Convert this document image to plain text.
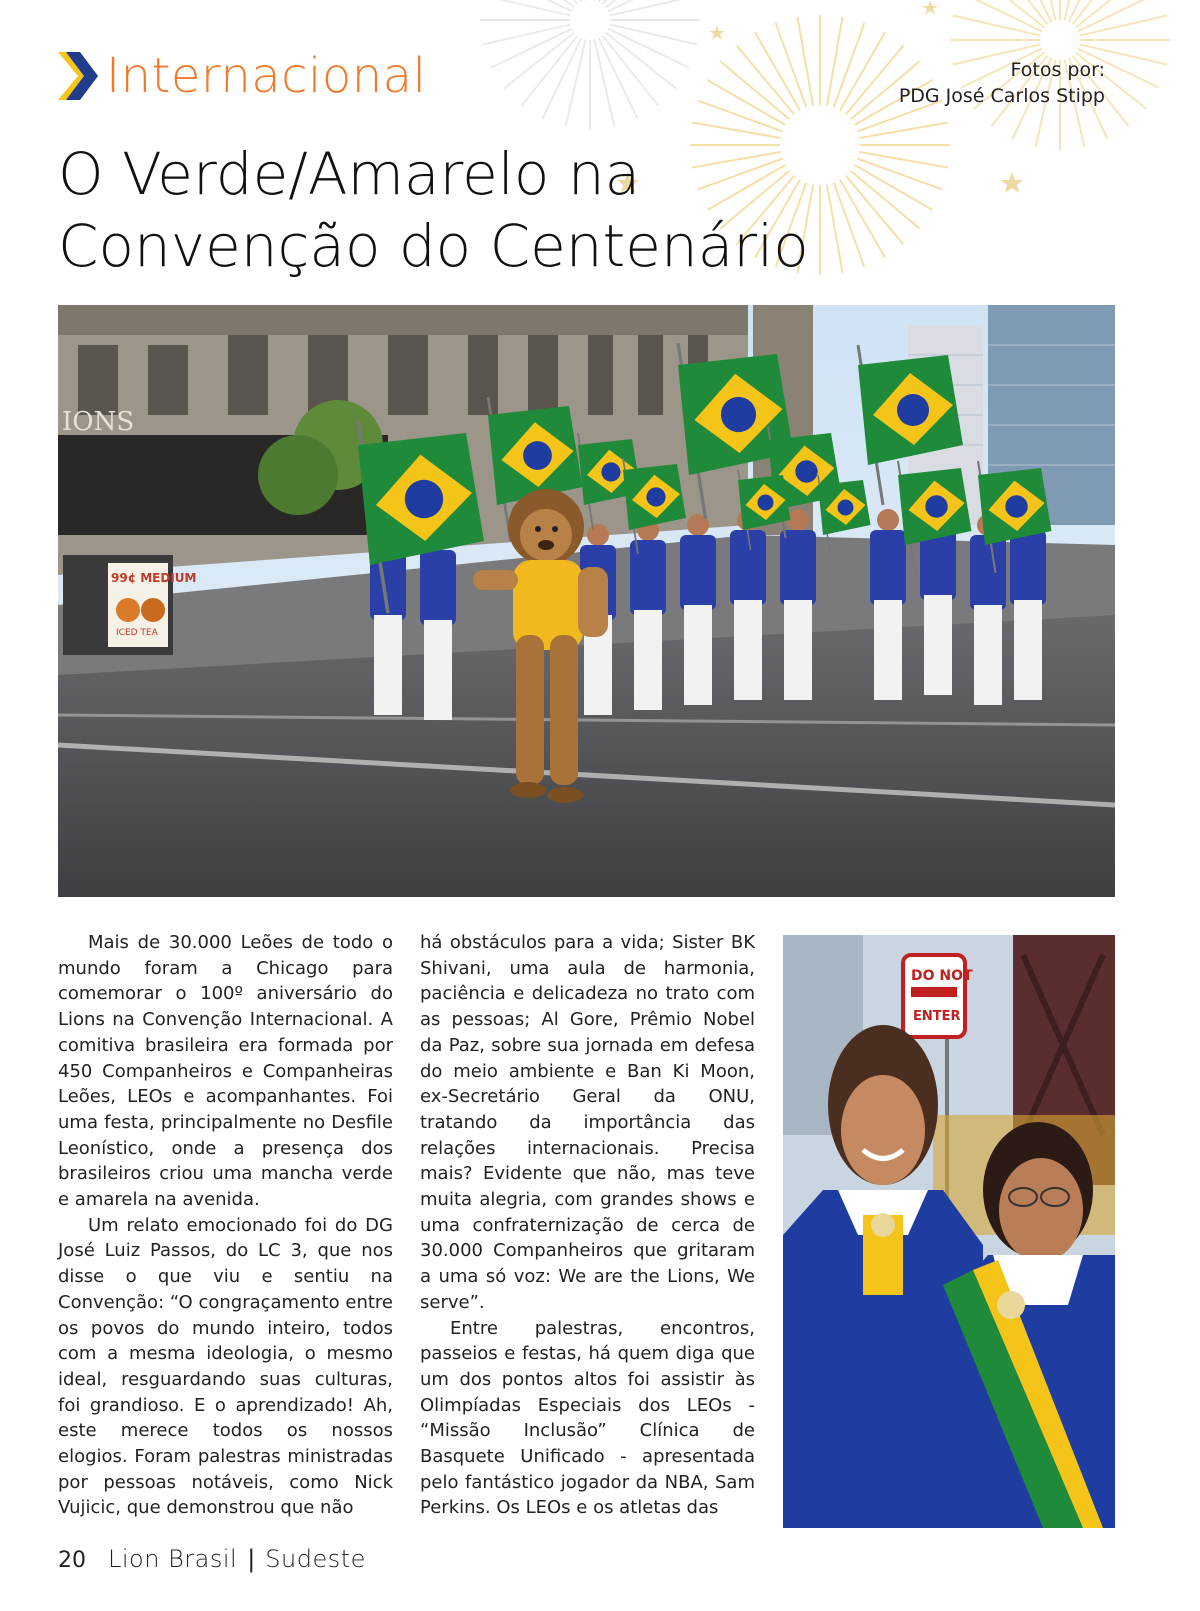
Internacional	Fotos por:
PDG José Carlos Stipp
O Verde/Amarelo na
Convenção do Centenário
IONS
99¢ MEDIUM
ICED TEA

Mais de 30.000 Leões de todo o mundo foram a Chicago para comemorar o 100º aniversário do Lions na Convenção Internacional. A comitiva brasileira era formada por 450 Companheiros e Companheiras Leões, LEOs e acompanhantes. Foi uma festa, principalmente no Desfile Leonístico, onde a presença dos brasileiros criou uma mancha verde e amarela na avenida.

Um relato emocionado foi do DG José Luiz Passos, do LC 3, que nos disse o que viu e sentiu na Convenção: “O congraçamento entre os povos do mundo inteiro, todos com a mesma ideologia, o mesmo ideal, resguardando suas culturas, foi grandioso. E o aprendizado! Ah, este merece todos os nossos elogios. Foram palestras ministradas por pessoas notáveis, como Nick Vujicic, que demonstrou que não

há obstáculos para a vida; Sister BK Shivani, uma aula de harmonia, paciência e delicadeza no trato com as pessoas; Al Gore, Prêmio Nobel da Paz, sobre sua jornada em defesa do meio ambiente e Ban Ki Moon, ex-Secretário Geral da ONU, tratando da importância das relações internacionais. Precisa mais? Evidente que não, mas teve muita alegria, com grandes shows e uma confraternização de cerca de 30.000 Companheiros que gritaram a uma só voz: We are the Lions, We serve”.

Entre palestras, encontros, passeios e festas, há quem diga que um dos pontos altos foi assistir às Olimpíadas Especiais dos LEOs - “Missão Inclusão” Clínica de Basquete Unificado - apresentada pelo fantástico jogador da NBA, Sam Perkins. Os LEOs e os atletas das

DO NOT
ENTER
20 Lion Brasil | Sudeste
